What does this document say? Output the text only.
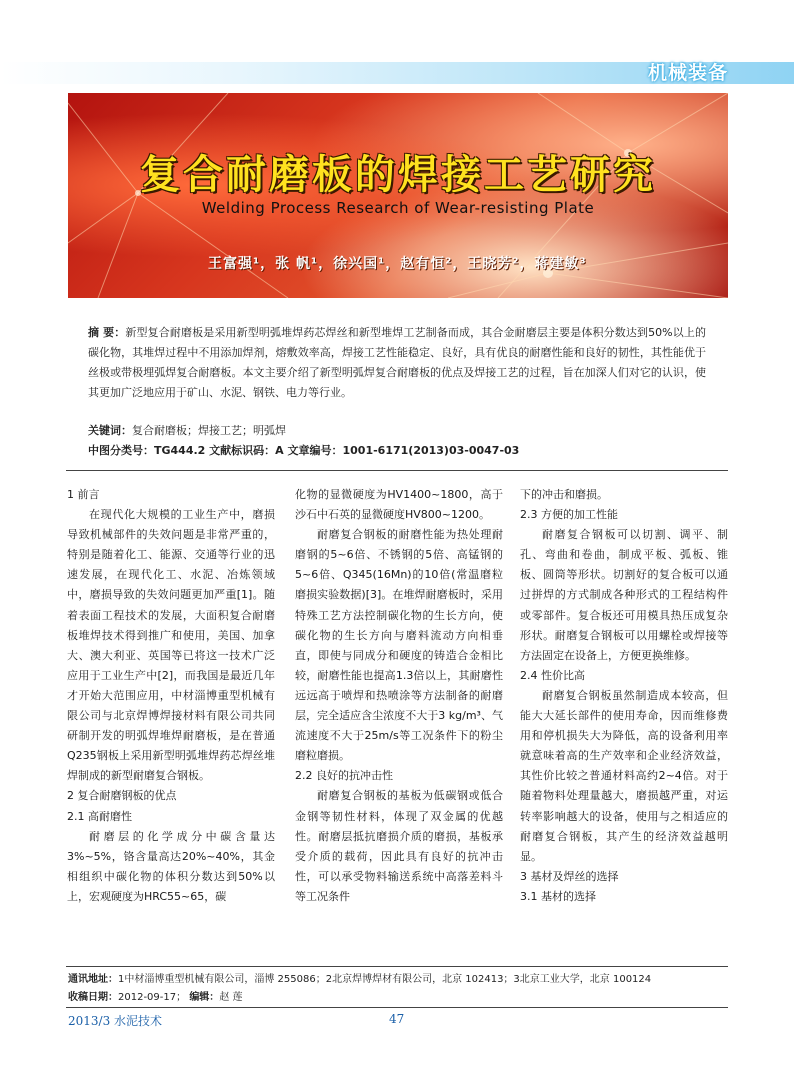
机械装备
复合耐磨板的焊接工艺研究
Welding Process Research of Wear-resisting Plate
王富强¹，张 帆¹，徐兴国¹，赵有恒²，王晓芳²，蒋建敏³
摘 要：新型复合耐磨板是采用新型明弧堆焊药芯焊丝和新型堆焊工艺制备而成，其合金耐磨层主要是体积分数达到50%以上的碳化物，其堆焊过程中不用添加焊剂，熔敷效率高，焊接工艺性能稳定、良好，具有优良的耐磨性能和良好的韧性，其性能优于丝极或带极埋弧焊复合耐磨板。本文主要介绍了新型明弧焊复合耐磨板的优点及焊接工艺的过程，旨在加深人们对它的认识，使其更加广泛地应用于矿山、水泥、钢铁、电力等行业。
关键词：复合耐磨板；焊接工艺；明弧焊
中图分类号：TG444.2 文献标识码：A 文章编号：1001-6171(2013)03-0047-03
1 前言

在现代化大规模的工业生产中，磨损导致机械部件的失效问题是非常严重的，特别是随着化工、能源、交通等行业的迅速发展，在现代化工、水泥、冶炼领域中，磨损导致的失效问题更加严重[1]。随着表面工程技术的发展，大面积复合耐磨板堆焊技术得到推广和使用，美国、加拿大、澳大利亚、英国等已将这一技术广泛应用于工业生产中[2]，而我国是最近几年才开始大范围应用，中材淄博重型机械有限公司与北京焊博焊接材料有限公司共同研制开发的明弧焊堆焊耐磨板，是在普通Q235钢板上采用新型明弧堆焊药芯焊丝堆焊制成的新型耐磨复合钢板。

2 复合耐磨钢板的优点
2.1 高耐磨性

耐磨层的化学成分中碳含量达3%~5%，铬含量高达20%~40%，其金相组织中碳化物的体积分数达到50%以上，宏观硬度为HRC55~65，碳

化物的显微硬度为HV1400~1800，高于沙石中石英的显微硬度HV800~1200。

耐磨复合钢板的耐磨性能为热处理耐磨钢的5~6倍、不锈钢的5倍、高锰钢的5~6倍、Q345(16Mn)的10倍(常温磨粒磨损实验数据)[3]。在堆焊耐磨板时，采用特殊工艺方法控制碳化物的生长方向，使碳化物的生长方向与磨料流动方向相垂直，即使与同成分和硬度的铸造合金相比较，耐磨性能也提高1.3倍以上，其耐磨性远远高于喷焊和热喷涂等方法制备的耐磨层，完全适应含尘浓度不大于3 kg/m³、气流速度不大于25m/s等工况条件下的粉尘磨粒磨损。

2.2 良好的抗冲击性

耐磨复合钢板的基板为低碳钢或低合金钢等韧性材料，体现了双金属的优越性。耐磨层抵抗磨损介质的磨损，基板承受介质的载荷，因此具有良好的抗冲击性，可以承受物料输送系统中高落差料斗等工况条件

下的冲击和磨损。

2.3 方便的加工性能

耐磨复合钢板可以切割、调平、制孔、弯曲和卷曲，制成平板、弧板、锥板、圆筒等形状。切割好的复合板可以通过拼焊的方式制成各种形式的工程结构件或零部件。复合板还可用模具热压成复杂形状。耐磨复合钢板可以用螺栓或焊接等方法固定在设备上，方便更换维修。

2.4 性价比高

耐磨复合钢板虽然制造成本较高，但能大大延长部件的使用寿命，因而维修费用和停机损失大为降低，高的设备利用率就意味着高的生产效率和企业经济效益，其性价比较之普通材料高约2~4倍。对于随着物料处理量越大，磨损越严重，对运转率影响越大的设备，使用与之相适应的耐磨复合钢板，其产生的经济效益越明显。

3 基材及焊丝的选择
3.1 基材的选择
通讯地址：1中材淄博重型机械有限公司，淄博 255086；2北京焊博焊材有限公司，北京 102413；3北京工业大学，北京 100124
收稿日期：2012-09-17； 编辑：赵 莲
2013/3 水泥技术	47
